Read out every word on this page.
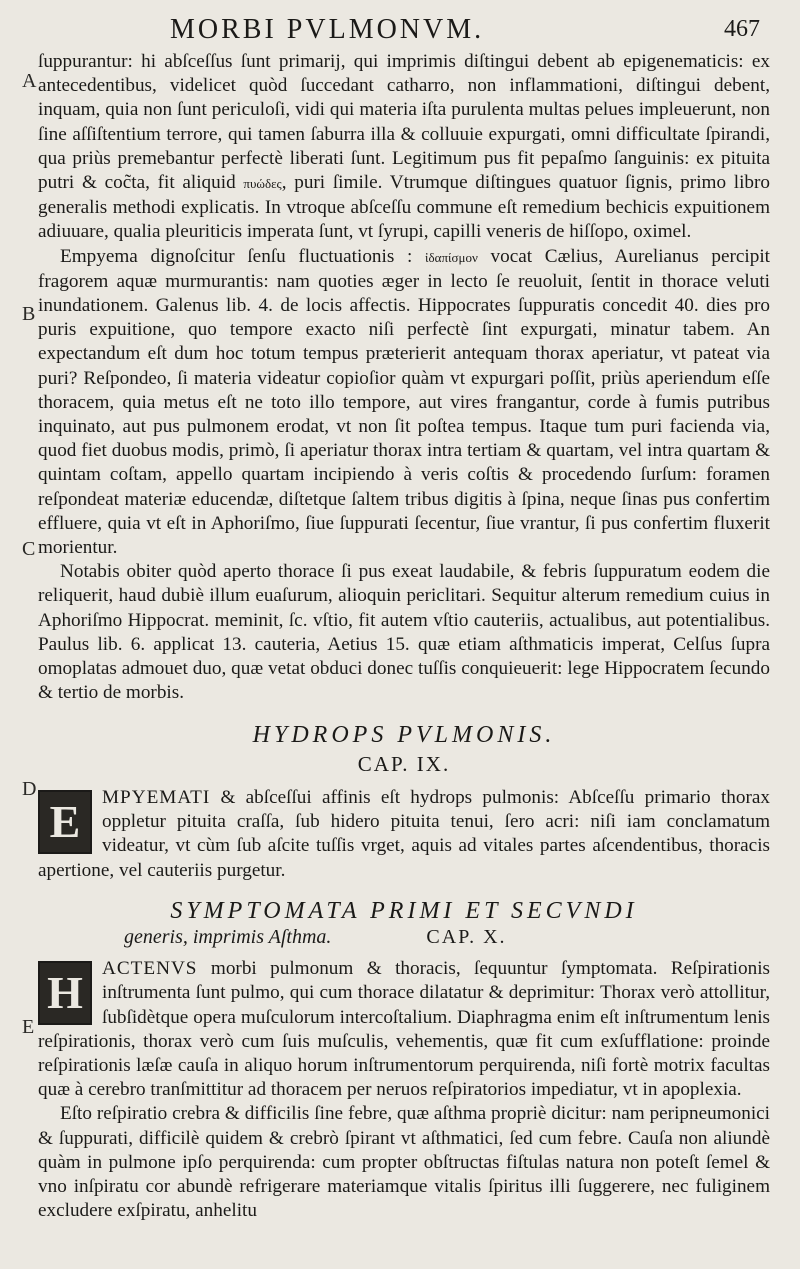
MORBI PVLMONVM.	467
A
B
C
D
E

ſuppurantur: hi abſceſſus ſunt primarij, qui imprimis diſtingui debent ab epigenematicis: ex antecedentibus, videlicet quòd ſuccedant catharro, non inflammationi, diſtingui debent, inquam, quia non ſunt periculoſi, vidi qui materia iſta purulenta multas pelues impleuerunt, non ſine aſſiſtentium terrore, qui tamen ſaburra illa & colluuie expurgati, omni difficultate ſpirandi, qua priùs premebantur perfectè liberati ſunt. Legitimum pus fit pepaſmo ſanguinis: ex pituita putri & coc̃ta, fit aliquid πυώδες, puri ſimile. Vtrumque diſtingues quatuor ſignis, primo libro generalis methodi explicatis. In vtroque abſceſſu commune eſt remedium bechicis expuitionem adiuuare, qualia pleuriticis imperata ſunt, vt ſyrupi, capilli veneris de hiſſopo, oximel.

Empyema dignoſcitur ſenſu fluctuationis : ἰδαπίσμον vocat Cælius, Aurelianus percipit fragorem aquæ murmurantis: nam quoties æger in lecto ſe reuoluit, ſentit in thorace veluti inundationem. Galenus lib. 4. de locis affectis. Hippocrates ſuppuratis concedit 40. dies pro puris expuitione, quo tempore exacto niſi perfectè ſint expurgati, minatur tabem. An expectandum eſt dum hoc totum tempus præterierit antequam thorax aperiatur, vt pateat via puri? Reſpondeo, ſi materia videatur copioſior quàm vt expurgari poſſit, priùs aperiendum eſſe thoracem, quia metus eſt ne toto illo tempore, aut vires frangantur, corde à fumis putribus inquinato, aut pus pulmonem erodat, vt non ſit poſtea tempus. Itaque tum puri facienda via, quod fiet duobus modis, primò, ſi aperiatur thorax intra tertiam & quartam, vel intra quartam & quintam coſtam, appello quartam incipiendo à veris coſtis & procedendo ſurſum: foramen reſpondeat materiæ educendæ, diſtetque ſaltem tribus digitis à ſpina, neque ſinas pus confertim effluere, quia vt eſt in Aphoriſmo, ſiue ſuppurati ſecentur, ſiue vrantur, ſi pus confertim fluxerit morientur.

Notabis obiter quòd aperto thorace ſi pus exeat laudabile, & febris ſuppuratum eodem die reliquerit, haud dubiè illum euaſurum, alioquin periclitari. Sequitur alterum remedium cuius in Aphoriſmo Hippocrat. meminit, ſc. vſtio, fit autem vſtio cauteriis, actualibus, aut potentialibus. Paulus lib. 6. applicat 13. cauteria, Aetius 15. quæ etiam aſthmaticis imperat, Celſus ſupra omoplatas admouet duo, quæ vetat obduci donec tuſſis conquieuerit: lege Hippocratem ſecundo & tertio de morbis.

HYDROPS PVLMONIS.
CAP. IX.

E	MPYEMATI & abſceſſui affinis eſt hydrops pulmonis: Abſceſſu primario thorax oppletur pituita craſſa, ſub hidero pituita tenui, ſero acri: niſi iam conclamatum videatur, vt cùm ſub aſcite tuſſis vrget, aquis ad vitales partes aſcendentibus, thoracis apertione, vel cauteriis purgetur.

SYMPTOMATA PRIMI ET SECVNDI
generis, imprimis Aſthma.	CAP. X.

H ACTENVS morbi pulmonum & thoracis, ſequuntur ſymptomata. Reſpirationis inſtrumenta ſunt pulmo, qui cum thorace dilatatur & deprimitur: Thorax verò attollitur, ſubſidètque opera muſculorum intercoſtalium. Diaphragma enim eſt inſtrumentum lenis reſpirationis, thorax verò cum ſuis muſculis, vehementis, quæ fit cum exſufflatione: proinde reſpirationis læſæ cauſa in aliquo horum inſtrumentorum perquirenda, niſi fortè motrix facultas quæ à cerebro tranſmittitur ad thoracem per neruos reſpiratorios impediatur, vt in apoplexia.

Eſto reſpiratio crebra & difficilis ſine febre, quæ aſthma propriè dicitur: nam peripneumonici & ſuppurati, difficilè quidem & crebrò ſpirant vt aſthmatici, ſed cum febre. Cauſa non aliundè quàm in pulmone ipſo perquirenda: cum propter obſtructas fiſtulas natura non poteſt ſemel & vno inſpiratu cor abundè refrigerare materiamque vitalis ſpiritus illi ſuggerere, nec fuliginem excludere exſpiratu, anhelitu
